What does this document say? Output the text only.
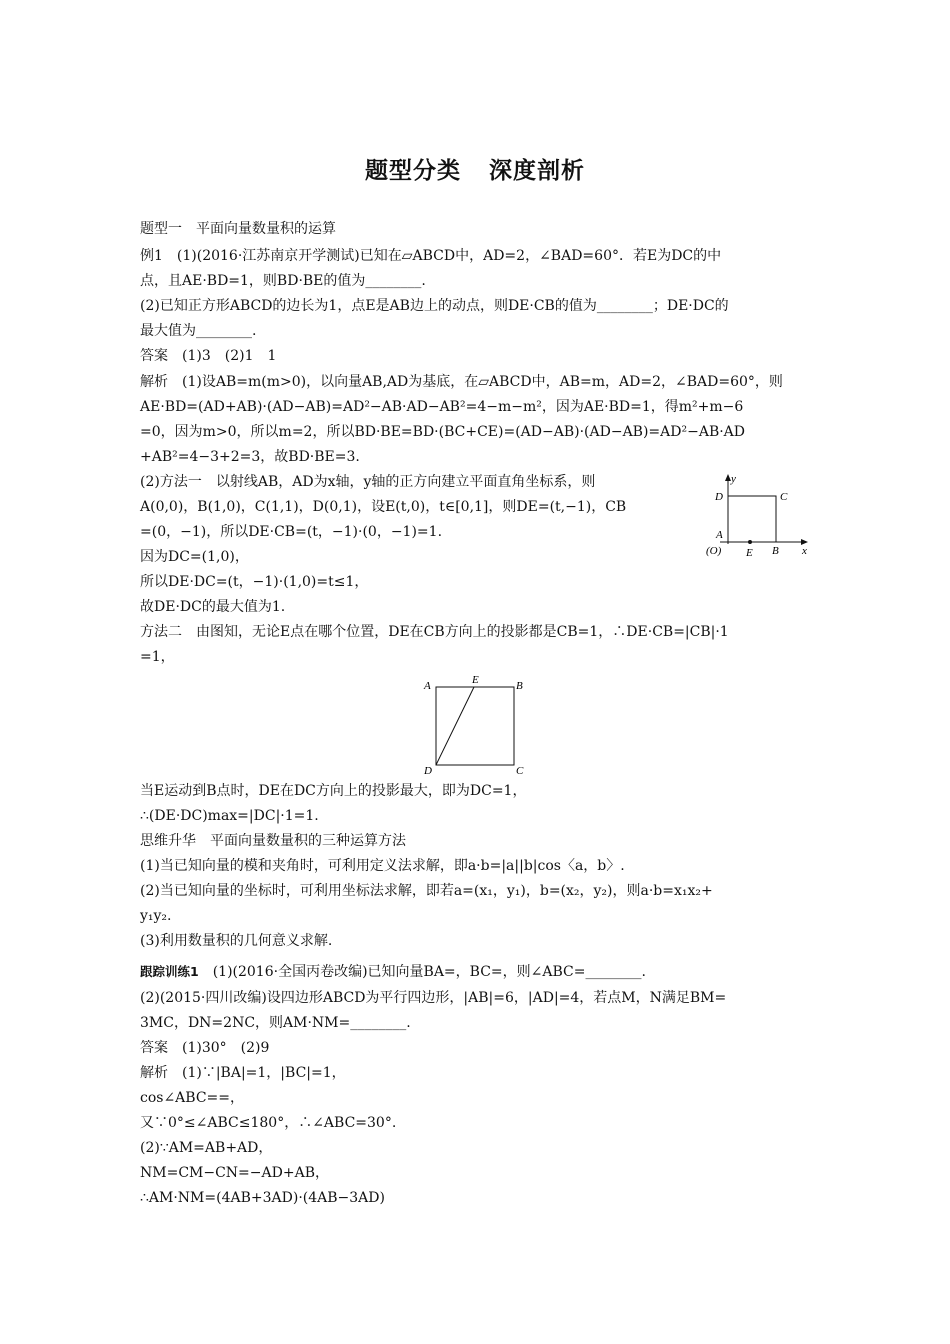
题型分类 深度剖析
题型一　平面向量数量积的运算
例1　(1)(2016·江苏南京开学测试)已知在▱ABCD中，AD=2，∠BAD=60°．若E为DC的中
点，且AE·BD=1，则BD·BE的值为________.
(2)已知正方形ABCD的边长为1，点E是AB边上的动点，则DE·CB的值为________；DE·DC的
最大值为________.
答案　(1)3　(2)1　1
解析　(1)设AB=m(m>0)，以向量AB,AD为基底，在▱ABCD中，AB=m，AD=2，∠BAD=60°，则
AE·BD=(AD+AB)·(AD−AB)=AD²−AB·AD−AB²=4−m−m²，因为AE·BD=1，得m²+m−6
=0，因为m>0，所以m=2，所以BD·BE=BD·(BC+CE)=(AD−AB)·(AD−AB)=AD²−AB·AD
+AB²=4−3+2=3，故BD·BE=3.
(2)方法一　以射线AB，AD为x轴，y轴的正方向建立平面直角坐标系，则
A(0,0)，B(1,0)，C(1,1)，D(0,1)，设E(t,0)，t∈[0,1]，则DE=(t,−1)，CB
=(0，−1)，所以DE·CB=(t，−1)·(0，−1)=1.
因为DC=(1,0)，
所以DE·DC=(t，−1)·(1,0)=t≤1，
故DE·DC的最大值为1.
y
x
D	C
A
(O) E B
方法二　由图知，无论E点在哪个位置，DE在CB方向上的投影都是CB=1，∴DE·CB=|CB|·1
=1，
A	E	B
D	C
当E运动到B点时，DE在DC方向上的投影最大，即为DC=1，
∴(DE·DC)max=|DC|·1=1.
思维升华　平面向量数量积的三种运算方法
(1)当已知向量的模和夹角时，可利用定义法求解，即a·b=|a||b|cos〈a，b〉.
(2)当已知向量的坐标时，可利用坐标法求解，即若a=(x₁，y₁)，b=(x₂，y₂)，则a·b=x₁x₂+
y₁y₂.
(3)利用数量积的几何意义求解.
跟踪训练1 (1)(2016·全国丙卷改编)已知向量BA=，BC=，则∠ABC=________.
(2)(2015·四川改编)设四边形ABCD为平行四边形，|AB|=6，|AD|=4，若点M，N满足BM=
3MC，DN=2NC，则AM·NM=________.
答案　(1)30°　(2)9
解析　(1)∵|BA|=1，|BC|=1，
cos∠ABC==，
又∵0°≤∠ABC≤180°，∴∠ABC=30°.
(2)∵AM=AB+AD，
NM=CM−CN=−AD+AB，
∴AM·NM=(4AB+3AD)·(4AB−3AD)
